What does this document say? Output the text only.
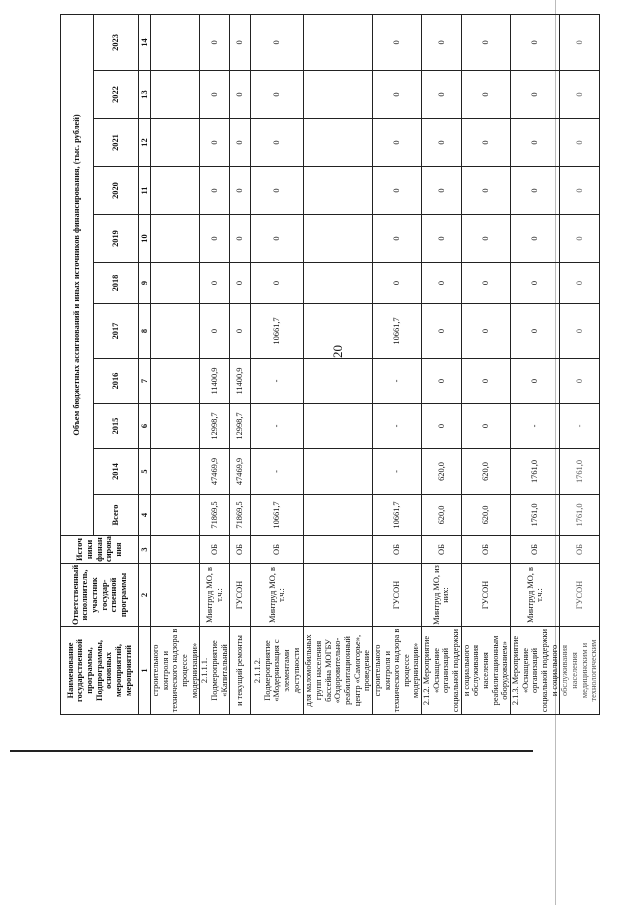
20
Наименование государственной программы, Подпрограммы, основных мероприятий, мероприятий	Ответственный исполнитель, участник государ- ственной программы	Источ ники финан сирова ния	Объем бюджетных ассигнований и иных источников финансирования, (тыс. рублей)										
			Всего	2014	2015	2016	2017	2018	2019	2020	2021	2022	2023
1	2	3	4	5	6	7	8	9	10	11	12	13	14
строительного контроля и технического надзора в процессе модернизации»													
2.1.1.1. Подмероприятие «Капитальный	Минтруд МО, в т.ч.:	ОБ	71869,5	47469,9	12998,7	11400,9	0	0	0	0	0	0	0
и текущий ремонты	ГУСОН	ОБ	71869,5	47469,9	12998,7	11400,9	0	0	0	0	0	0	0
2.1.1.2. Подмероприятие «Модернизация с элементами доступности	Минтруд МО, в т.ч.:	ОБ	10661,7	-	-	-	10661,7	0	0	0	0	0	0
для маломобильных групп населения бассейна МОГБУ «Оздоровительно-реабилитационный центр «Самогорье», проведение													
строительного контроля и технического надзора в процессе модернизации»	ГУСОН	ОБ	10661,7	-	-	-	10661,7	0	0	0	0	0	0
2.1.2. Мероприятие «Оснащение организаций социальной поддержки	Минтруд МО, из них:	ОБ	620,0	620,0	0	0	0	0	0	0	0	0	0
и социального обслуживания населения реабилитационным оборудованием»	ГУСОН	ОБ	620,0	620,0	0	0	0	0	0	0	0	0	0
2.1.3. Мероприятие «Оснащение организаций социальной поддержки и социального	Минтруд МО, в т.ч.:	ОБ	1761,0	1761,0	-	0	0	0	0	0	0	0	0
обслуживания населения медицинским и технологическим	ГУСОН	ОБ	1761,0	1761,0	-	0	0	0	0	0	0	0	0
